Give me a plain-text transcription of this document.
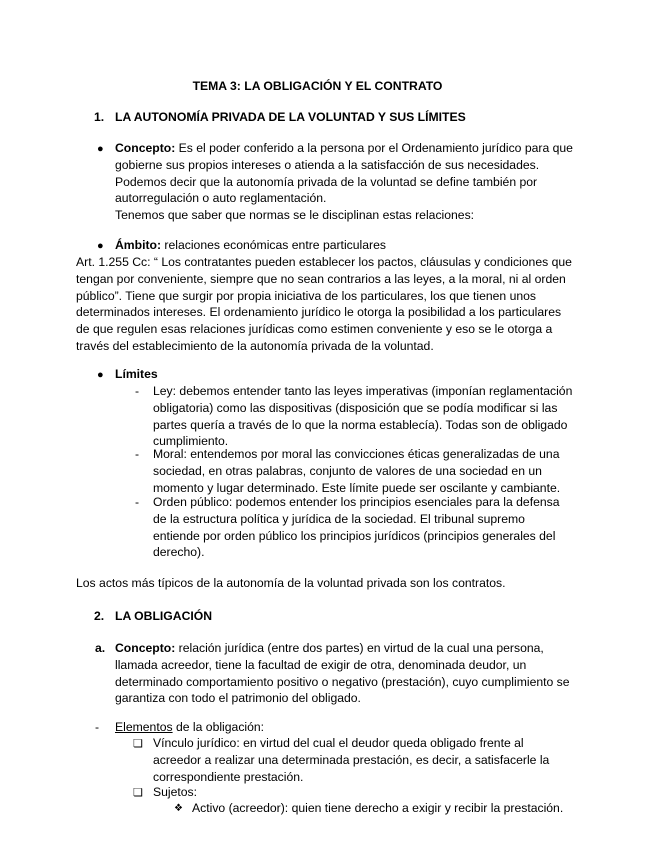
TEMA 3: LA OBLIGACIÓN Y EL CONTRATO
1. LA AUTONOMÍA PRIVADA DE LA VOLUNTAD Y SUS LÍMITES
● Concepto: Es el poder conferido a la persona por el Ordenamiento jurídico para que

gobierne sus propios intereses o atienda a la satisfacción de sus necesidades.

Podemos decir que la autonomía privada de la voluntad se define también por

autorregulación o auto reglamentación.

Tenemos que saber que normas se le disciplinan estas relaciones:

● Ámbito: relaciones económicas entre particulares

Art. 1.255 Cc: “ Los contratantes pueden establecer los pactos, cláusulas y condiciones que

tengan por conveniente, siempre que no sean contrarios a las leyes, a la moral, ni al orden

público”. Tiene que surgir por propia iniciativa de los particulares, los que tienen unos

determinados intereses. El ordenamiento jurídico le otorga la posibilidad a los particulares

de que regulen esas relaciones jurídicas como estimen conveniente y eso se le otorga a

través del establecimiento de la autonomía privada de la voluntad.

● Límites
- Ley: debemos entender tanto las leyes imperativas (imponían reglamentación

obligatoria) como las dispositivas (disposición que se podía modificar si las

partes quería a través de lo que la norma establecía). Todas son de obligado

cumplimiento.

- Moral: entendemos por moral las convicciones éticas generalizadas de una

sociedad, en otras palabras, conjunto de valores de una sociedad en un

momento y lugar determinado. Este límite puede ser oscilante y cambiante.

- Orden público: podemos entender los principios esenciales para la defensa

de la estructura política y jurídica de la sociedad. El tribunal supremo

entiende por orden público los principios jurídicos (principios generales del

derecho).

Los actos más típicos de la autonomía de la voluntad privada son los contratos.
2. LA OBLIGACIÓN
a. Concepto: relación jurídica (entre dos partes) en virtud de la cual una persona,

llamada acreedor, tiene la facultad de exigir de otra, denominada deudor, un

determinado comportamiento positivo o negativo (prestación), cuyo cumplimiento se

garantiza con todo el patrimonio del obligado.

- Elementos de la obligación:
❏ Vínculo jurídico: en virtud del cual el deudor queda obligado frente al

acreedor a realizar una determinada prestación, es decir, a satisfacerle la

correspondiente prestación.

❏ Sujetos:
❖ Activo (acreedor): quien tiene derecho a exigir y recibir la prestación.
